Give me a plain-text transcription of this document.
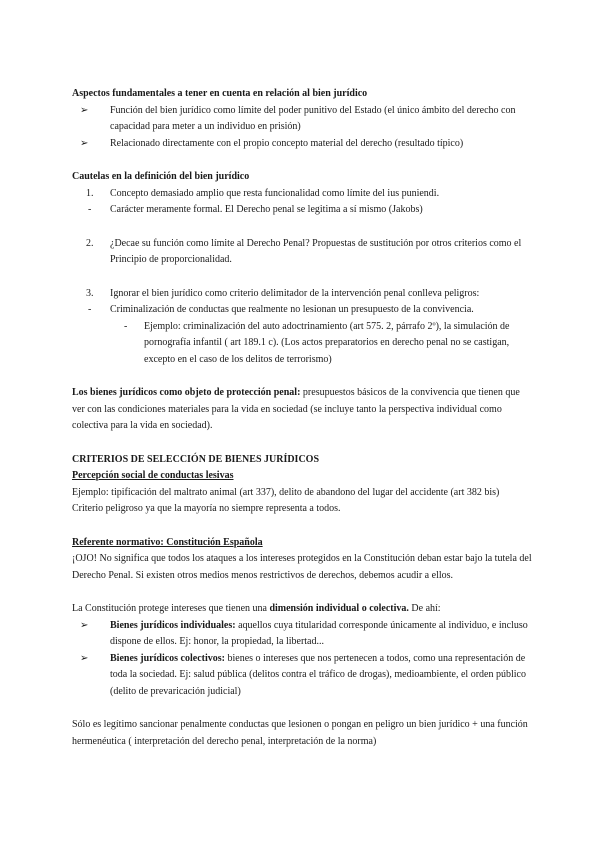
Aspectos fundamentales a tener en cuenta en relación al bien jurídico

➢ Función del bien jurídico como límite del poder punitivo del Estado (el único ámbito del derecho con capacidad para meter a un individuo en prisión)
➢ Relacionado directamente con el propio concepto material del derecho (resultado típico)

Cautelas en la definición del bien jurídico

1. Concepto demasiado amplio que resta funcionalidad como límite del ius puniendi.
- Carácter meramente formal. El Derecho penal se legitima a sí mismo (Jakobs)
2. ¿Decae su función como límite al Derecho Penal? Propuestas de sustitución por otros criterios como el Principio de proporcionalidad.
3. Ignorar el bien jurídico como criterio delimitador de la intervención penal conlleva peligros:
- Criminalización de conductas que realmente no lesionan un presupuesto de la convivencia.
- Ejemplo: criminalización del auto adoctrinamiento (art 575. 2, párrafo 2º), la simulación de pornografía infantil ( art 189.1 c). (Los actos preparatorios en derecho penal no se castigan, excepto en el caso de los delitos de terrorismo)

Los bienes jurídicos como objeto de protección penal: presupuestos básicos de la convivencia que tienen que ver con las condiciones materiales para la vida en sociedad (se incluye tanto la perspectiva individual como colectiva para la vida en sociedad).

CRITERIOS DE SELECCIÓN DE BIENES JURÍDICOS

Percepción social de conductas lesivas

Ejemplo: tipificación del maltrato animal (art 337), delito de abandono del lugar del accidente (art 382 bis) Criterio peligroso ya que la mayoría no siempre representa a todos.

Referente normativo: Constitución Española

¡OJO! No significa que todos los ataques a los intereses protegidos en la Constitución deban estar bajo la tutela del Derecho Penal. Si existen otros medios menos restrictivos de derechos, debemos acudir a ellos.

La Constitución protege intereses que tienen una dimensión individual o colectiva. De ahí:

➢ Bienes jurídicos individuales: aquellos cuya titularidad corresponde únicamente al individuo, e incluso dispone de ellos. Ej: honor, la propiedad, la libertad...
➢ Bienes jurídicos colectivos: bienes o intereses que nos pertenecen a todos, como una representación de toda la sociedad. Ej: salud pública (delitos contra el tráfico de drogas), medioambiente, el orden público (delito de prevaricación judicial)

Sólo es legítimo sancionar penalmente conductas que lesionen o pongan en peligro un bien jurídico + una función hermenéutica ( interpretación del derecho penal, interpretación de la norma)
